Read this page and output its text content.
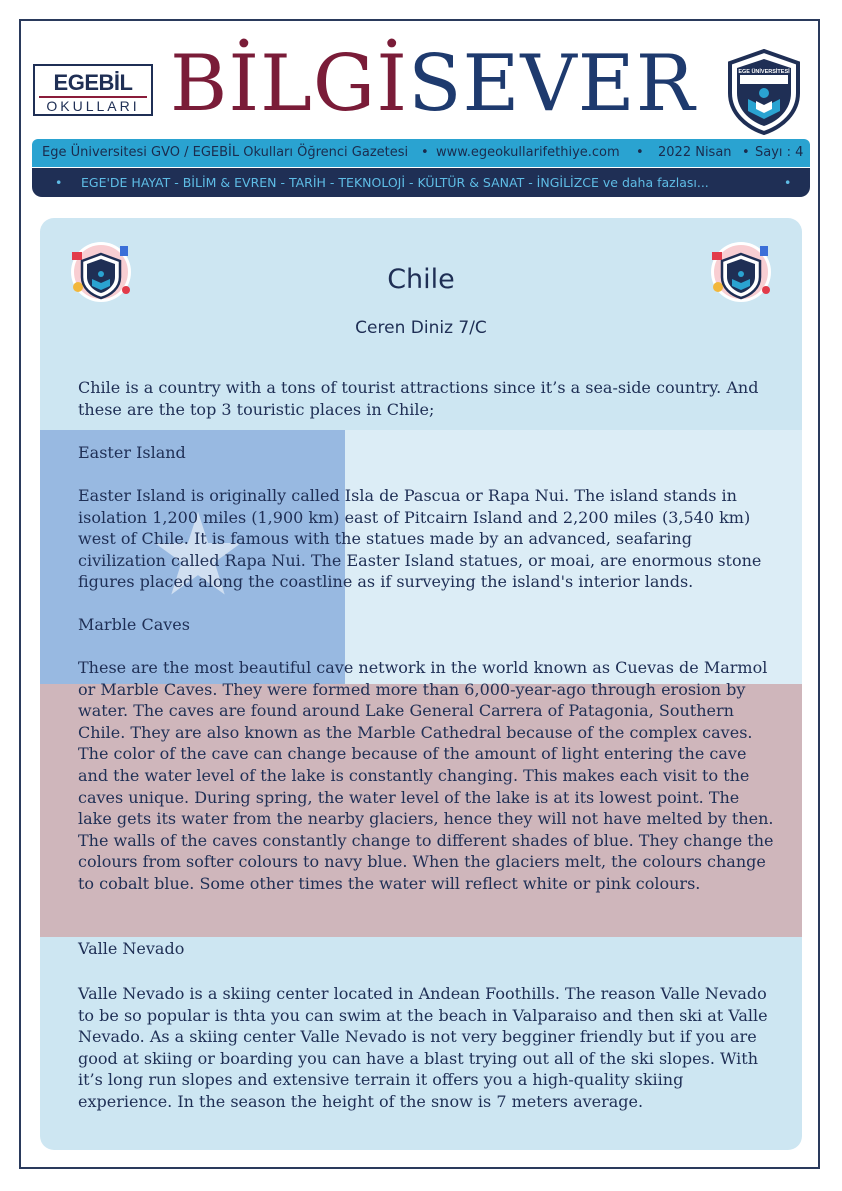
EGEBİL
OKULLARI BİLGİSEVER	EGE ÜNİVERSİTESİ
Ege Üniversitesi GVO / EGEBİL Okulları Öğrenci Gazetesi • www.egeokullarifethiye.com • 2022 Nisan • Sayı : 4
• EGE'DE HAYAT - BİLİM & EVREN - TARİH - TEKNOLOJİ - KÜLTÜR & SANAT - İNGİLİZCE ve daha fazlası...	•
Chile
Ceren Diniz 7/C
Chile is a country with a tons of tourist attractions since it’s a sea-side country. And these are the top 3 touristic places in Chile;
Easter Island
Easter Island is originally called Isla de Pascua or Rapa Nui. The island stands in isolation 1,200 miles (1,900 km) east of Pitcairn Island and 2,200 miles (3,540 km) west of Chile. It is famous with the statues made by an advanced, seafaring civilization called Rapa Nui. The Easter Island statues, or moai, are enormous stone figures placed along the coastline as if surveying the island's interior lands.
Marble Caves
These are the most beautiful cave network in the world known as Cuevas de Marmol or Marble Caves. They were formed more than 6,000-year-ago through erosion by water. The caves are found around Lake General Carrera of Patagonia, Southern Chile. They are also known as the Marble Cathedral because of the complex caves. The color of the cave can change because of the amount of light entering the cave and the water level of the lake is constantly changing. This makes each visit to the caves unique. During spring, the water level of the lake is at its lowest point. The lake gets its water from the nearby glaciers, hence they will not have melted by then. The walls of the caves constantly change to different shades of blue. They change the colours from softer colours to navy blue. When the glaciers melt, the colours change to cobalt blue. Some other times the water will reflect white or pink colours.
Valle Nevado
Valle Nevado is a skiing center located in Andean Foothills. The reason Valle Nevado to be so popular is thta you can swim at the beach in Valparaiso and then ski at Valle Nevado. As a skiing center Valle Nevado is not very begginer friendly but if you are good at skiing or boarding you can have a blast trying out all of the ski slopes. With it’s long run slopes and extensive terrain it offers you a high-quality skiing experience. In the season the height of the snow is 7 meters average.
